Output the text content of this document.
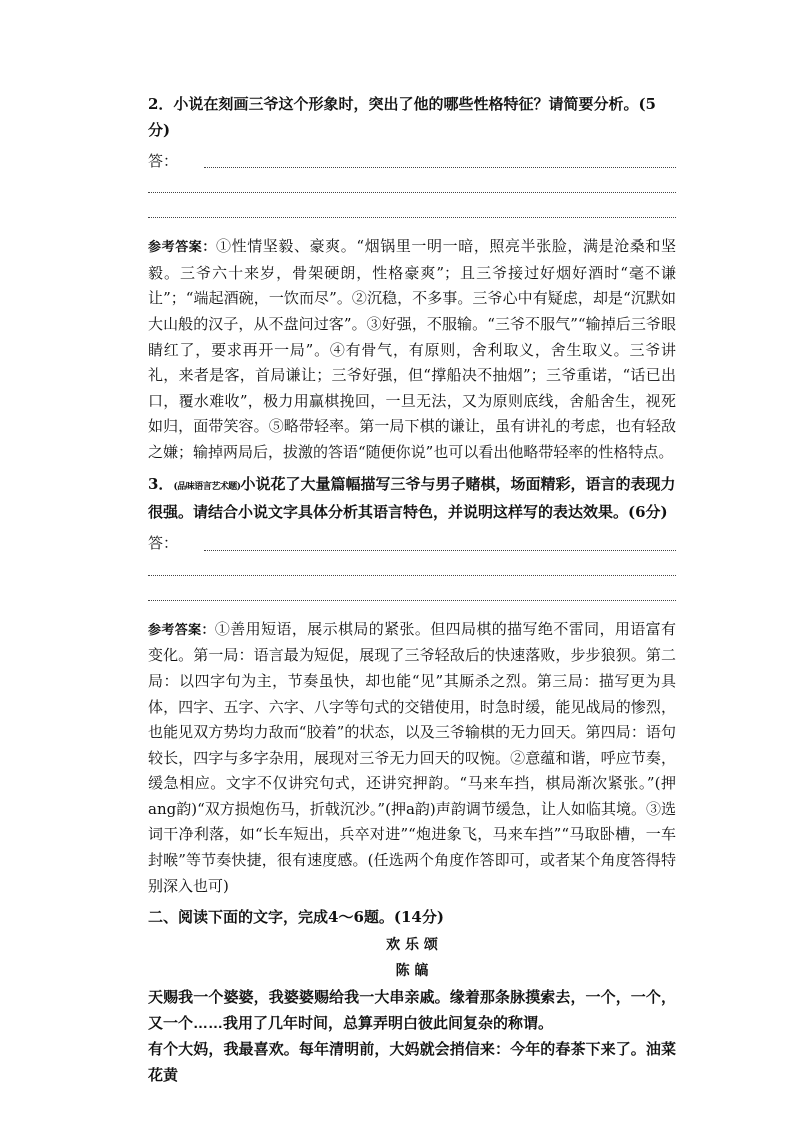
2．小说在刻画三爷这个形象时，突出了他的哪些性格特征？请简要分析。(5分)

答：

参考答案：①性情坚毅、豪爽。“烟锅里一明一暗，照亮半张脸，满是沧桑和坚毅。三爷六十来岁，骨架硬朗，性格豪爽”；且三爷接过好烟好酒时“毫不谦让”；“端起酒碗，一饮而尽”。②沉稳，不多事。三爷心中有疑虑，却是“沉默如大山般的汉子，从不盘问过客”。③好强，不服输。“三爷不服气”“输掉后三爷眼睛红了，要求再开一局”。④有骨气，有原则，舍利取义，舍生取义。三爷讲礼，来者是客，首局谦让；三爷好强，但“撑船决不抽烟”；三爷重诺，“话已出口，覆水难收”，极力用赢棋挽回，一旦无法，又为原则底线，舍船舍生，视死如归，面带笑容。⑤略带轻率。第一局下棋的谦让，虽有讲礼的考虑，也有轻敌之嫌；输掉两局后，拔激的答语“随便你说”也可以看出他略带轻率的性格特点。

3．(品味语言艺术题)小说花了大量篇幅描写三爷与男子赌棋，场面精彩，语言的表现力很强。请结合小说文字具体分析其语言特色，并说明这样写的表达效果。(6分)

答：

参考答案：①善用短语，展示棋局的紧张。但四局棋的描写绝不雷同，用语富有变化。第一局：语言最为短促，展现了三爷轻敌后的快速落败，步步狼狈。第二局：以四字句为主，节奏虽快，却也能“见”其厮杀之烈。第三局：描写更为具体，四字、五字、六字、八字等句式的交错使用，时急时缓，能见战局的惨烈，也能见双方势均力敌而“胶着”的状态，以及三爷输棋的无力回天。第四局：语句较长，四字与多字杂用，展现对三爷无力回天的叹惋。②意蕴和谐，呼应节奏，缓急相应。文字不仅讲究句式，还讲究押韵。“马来车挡，棋局渐次紧张。”(押ang韵)“双方损炮伤马，折戟沉沙。”(押a韵)声韵调节缓急，让人如临其境。③选词干净利落，如“长车短出，兵卒对进”“炮进象飞，马来车挡”“马取卧槽，一车封喉”等节奏快捷，很有速度感。(任选两个角度作答即可，或者某个角度答得特别深入也可)

二、阅读下面的文字，完成4～6题。(14分)

欢 乐 颂

陈 皜

天赐我一个婆婆，我婆婆赐给我一大串亲戚。缘着那条脉摸索去，一个，一个，又一个……我用了几年时间，总算弄明白彼此间复杂的称谓。

有个大妈，我最喜欢。每年清明前，大妈就会捎信来：今年的春茶下来了。油菜花黄
